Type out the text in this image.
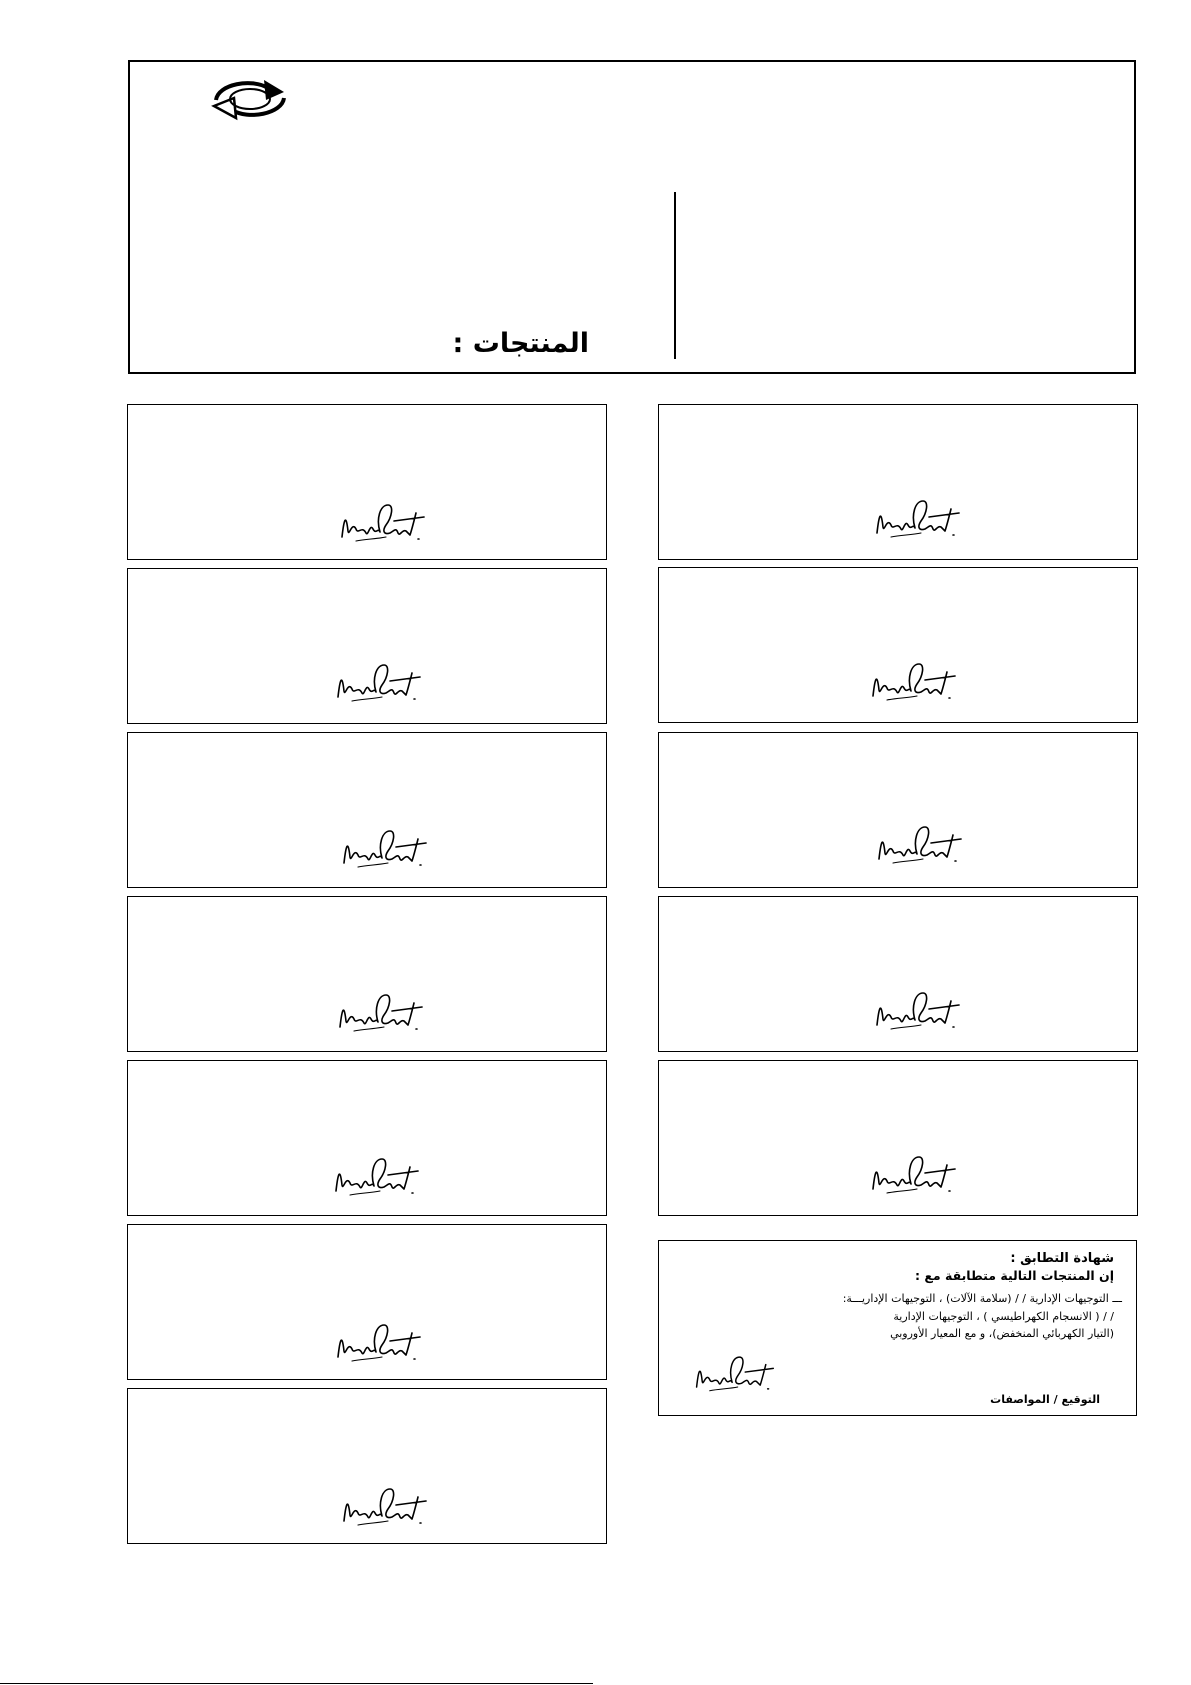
المنتجات :
شهادة التطابق :
إن المنتجات التالية متطابقة مع :
ـــ التوجيهات الإدارية / / (سلامة الآلات) ، التوجيهات الإداريـــة:
/ / ( الانسجام الكهراطيسي ) ، التوجيهات الإدارية
(التيار الكهربائي المنخفض)، و مع المعيار الأوروبي
التوقيع / المواصفات
